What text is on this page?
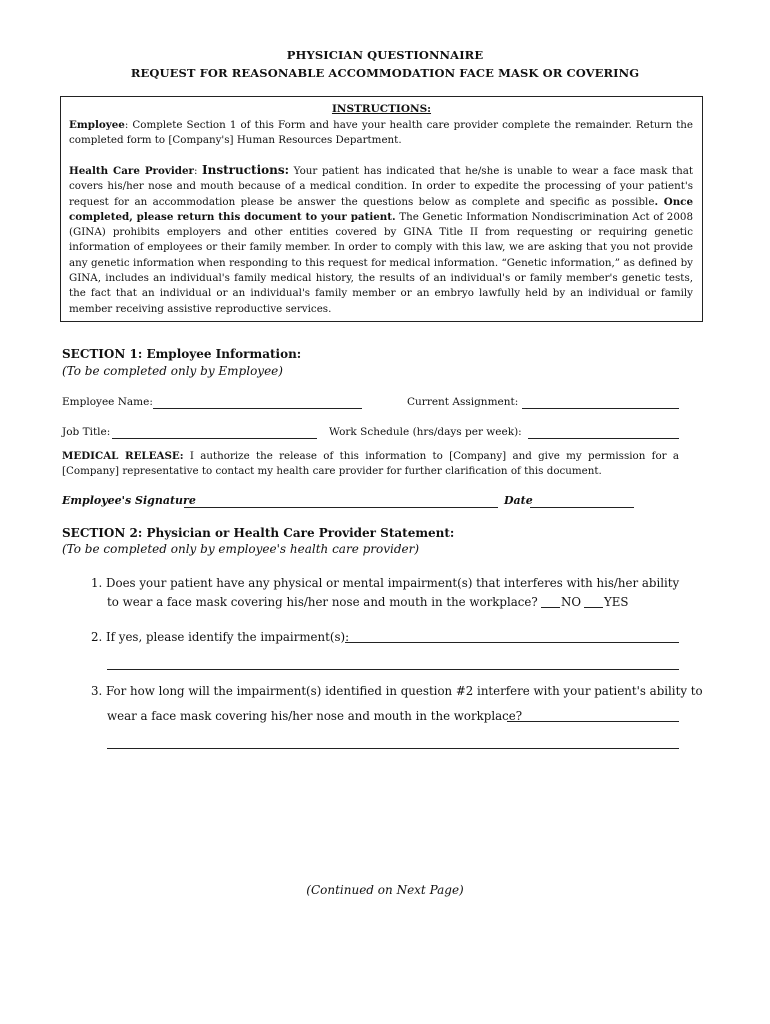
PHYSICIAN QUESTIONNAIRE
REQUEST FOR REASONABLE ACCOMMODATION FACE MASK OR COVERING
INSTRUCTIONS:
Employee: Complete Section 1 of this Form and have your health care provider complete the remainder. Return the completed form to [Company's] Human Resources Department.
Health Care Provider: Instructions: Your patient has indicated that he/she is unable to wear a face mask that covers his/her nose and mouth because of a medical condition. In order to expedite the processing of your patient's request for an accommodation please be answer the questions below as complete and specific as possible. Once completed, please return this document to your patient. The Genetic Information Nondiscrimination Act of 2008 (GINA) prohibits employers and other entities covered by GINA Title II from requesting or requiring genetic information of employees or their family member. In order to comply with this law, we are asking that you not provide any genetic information when responding to this request for medical information. “Genetic information,” as defined by GINA, includes an individual's family medical history, the results of an individual's or family member's genetic tests, the fact that an individual or an individual's family member or an embryo lawfully held by an individual or family member receiving assistive reproductive services.
SECTION 1: Employee Information:
(To be completed only by Employee)
Employee Name:	Current Assignment:
Job Title:	Work Schedule (hrs/days per week):
MEDICAL RELEASE: I authorize the release of this information to [Company] and give my permission for a [Company] representative to contact my health care provider for further clarification of this document.
Employee's Signature	Date
SECTION 2: Physician or Health Care Provider Statement:
(To be completed only by employee's health care provider)
1. Does your patient have any physical or mental impairment(s) that interferes with his/her ability
to wear a face mask covering his/her nose and mouth in the workplace? NO YES
2. If yes, please identify the impairment(s):
3. For how long will the impairment(s) identified in question #2 interfere with your patient's ability to
wear a face mask covering his/her nose and mouth in the workplace?
(Continued on Next Page)
